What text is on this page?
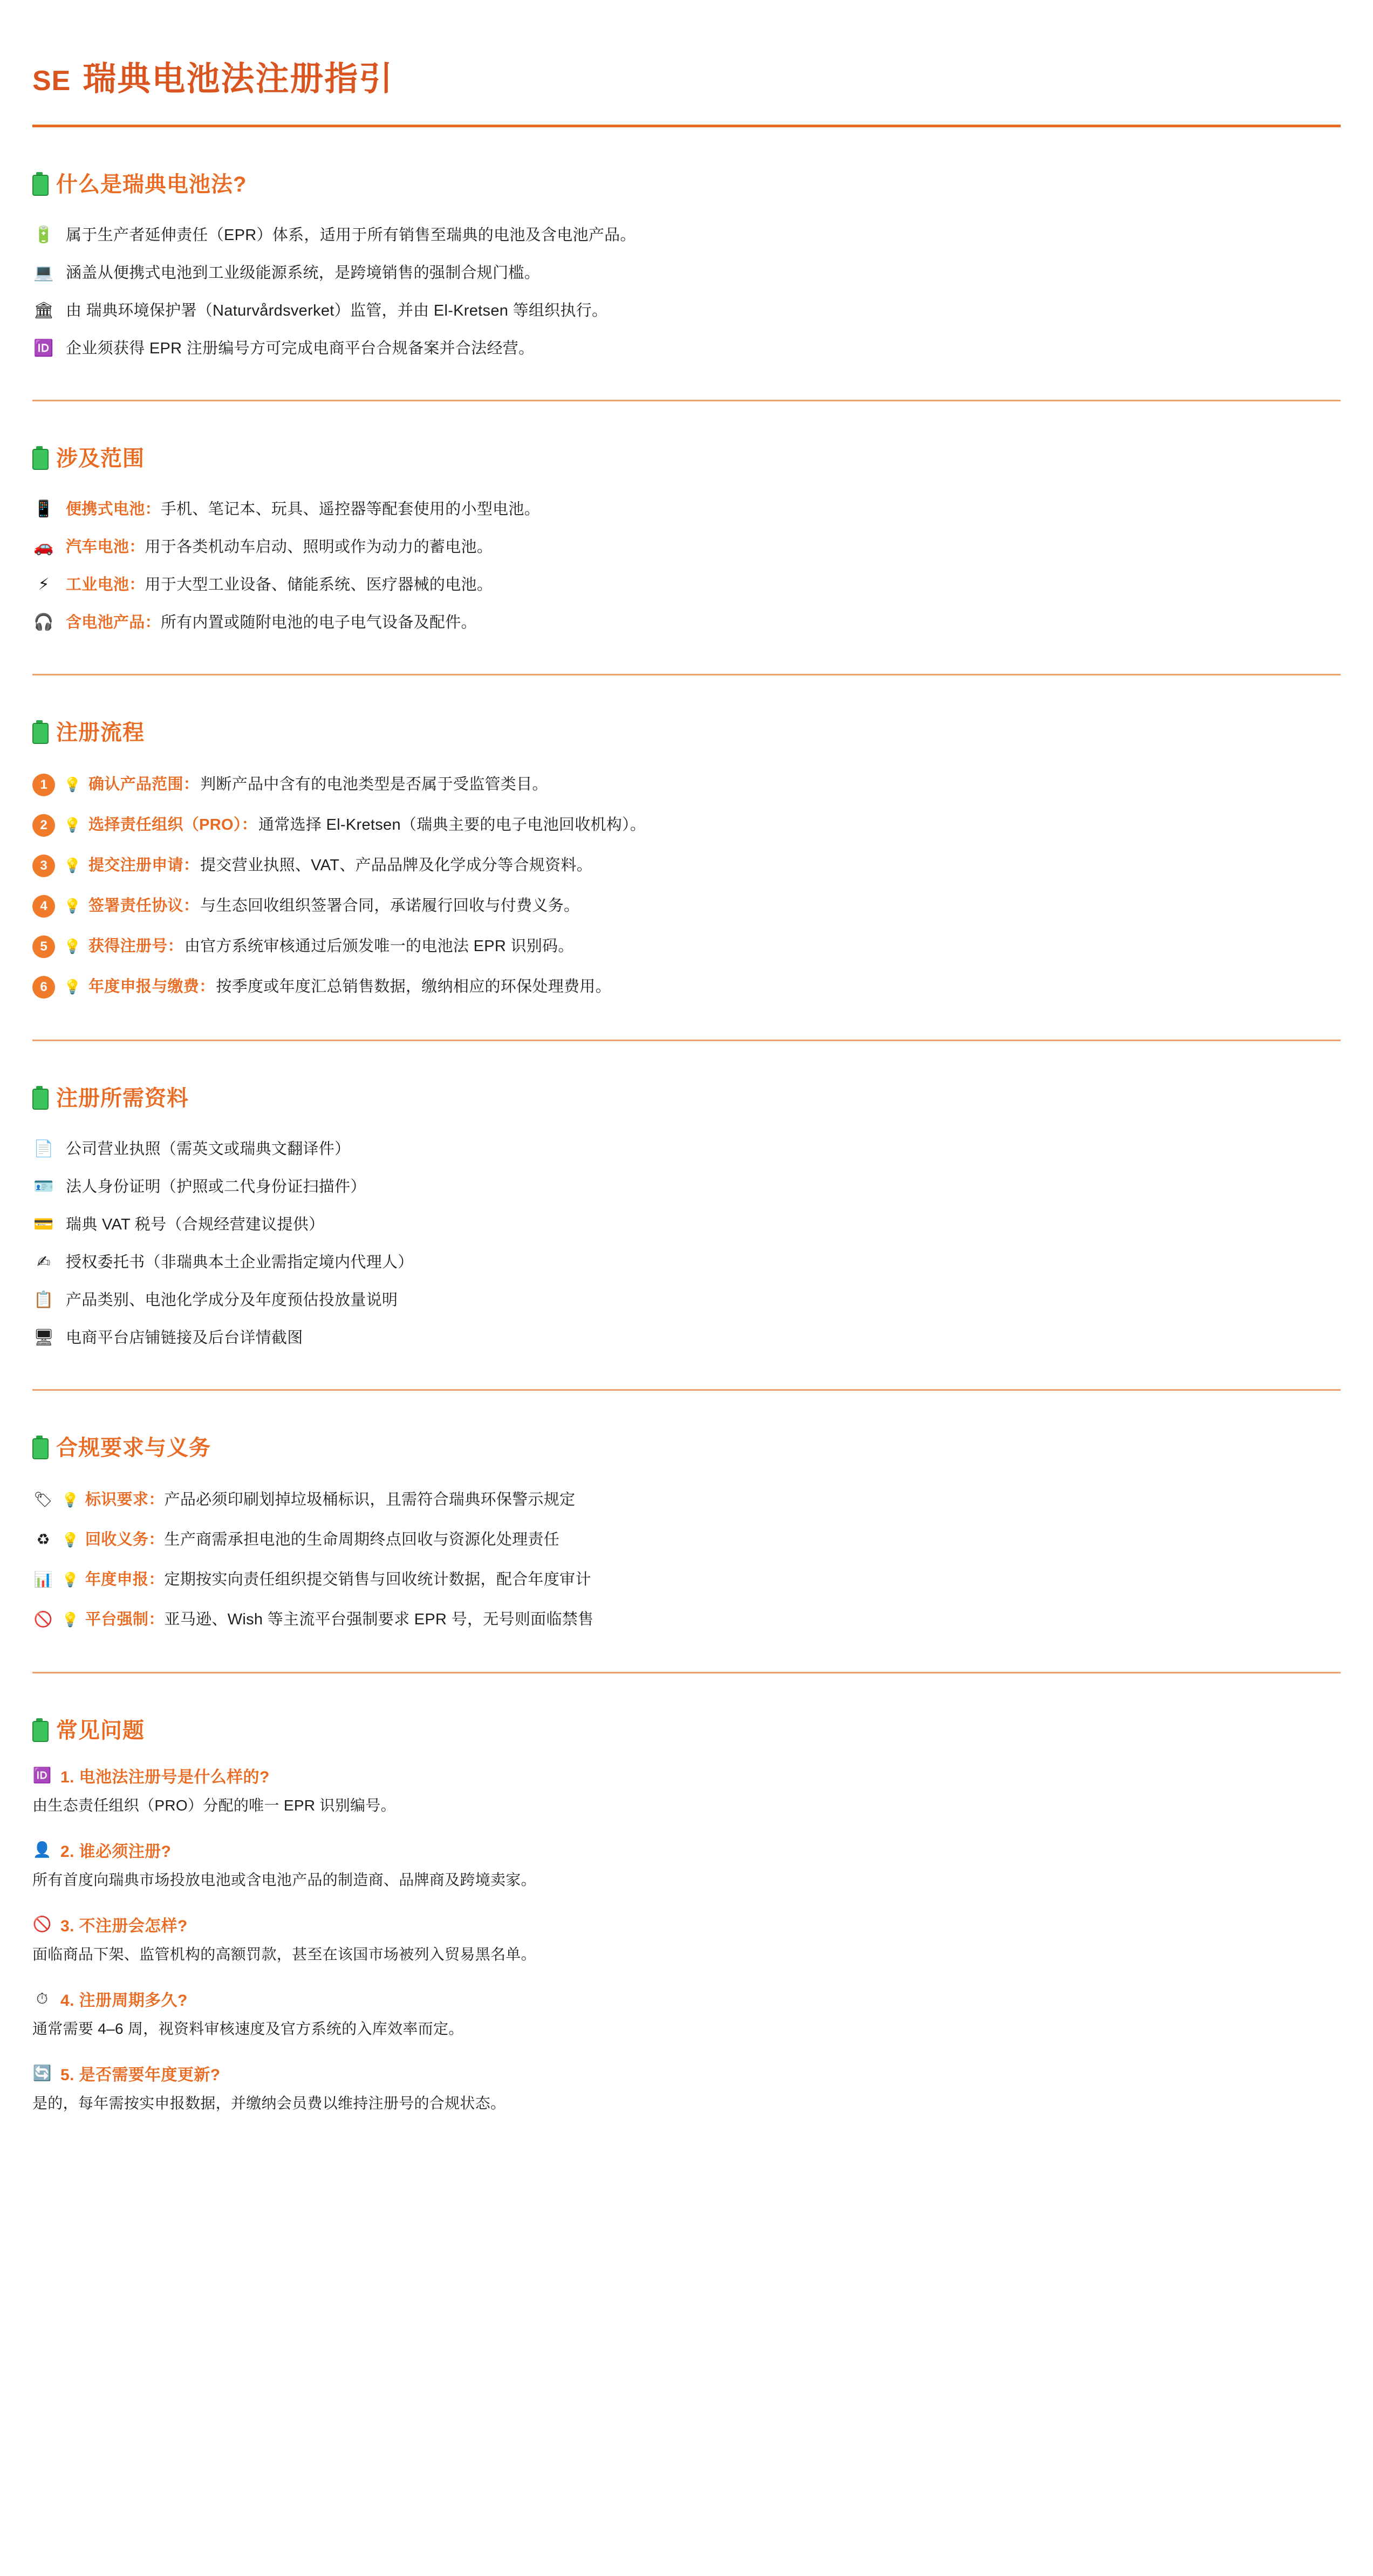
SE 瑞典电池法注册指引
什么是瑞典电池法?
🔋 属于生产者延伸责任（EPR）体系，适用于所有销售至瑞典的电池及含电池产品。
💻 涵盖从便携式电池到工业级能源系统，是跨境销售的强制合规门槛。
🏛 由 瑞典环境保护署（Naturvårdsverket）监管，并由 El-Kretsen 等组织执行。
🆔 企业须获得 EPR 注册编号方可完成电商平台合规备案并合法经营。
涉及范围
📱 便携式电池：手机、笔记本、玩具、遥控器等配套使用的小型电池。
🚗 汽车电池：用于各类机动车启动、照明或作为动力的蓄电池。
⚡	工业电池：用于大型工业设备、储能系统、医疗器械的电池。
🎧 含电池产品：所有内置或随附电池的电子电气设备及配件。
注册流程
1	💡 确认产品范围：判断产品中含有的电池类型是否属于受监管类目。
2	💡 选择责任组织（PRO）：通常选择 El-Kretsen（瑞典主要的电子电池回收机构）。
3	💡 提交注册申请：提交营业执照、VAT、产品品牌及化学成分等合规资料。
4	💡 签署责任协议：与生态回收组织签署合同，承诺履行回收与付费义务。
5	💡 获得注册号：由官方系统审核通过后颁发唯一的电池法 EPR 识别码。
6	💡 年度申报与缴费：按季度或年度汇总销售数据，缴纳相应的环保处理费用。
注册所需资料
📄 公司营业执照（需英文或瑞典文翻译件）
🪪 法人身份证明（护照或二代身份证扫描件）
💳 瑞典 VAT 税号（合规经营建议提供）
✍ 授权委托书（非瑞典本土企业需指定境内代理人）
📋 产品类别、电池化学成分及年度预估投放量说明
🖥 电商平台店铺链接及后台详情截图
合规要求与义务
🏷 💡 标识要求：产品必须印刷划掉垃圾桶标识，且需符合瑞典环保警示规定
♻ 💡 回收义务：生产商需承担电池的生命周期终点回收与资源化处理责任
📊 💡 年度申报：定期按实向责任组织提交销售与回收统计数据，配合年度审计
🚫 💡 平台强制：亚马逊、Wish 等主流平台强制要求 EPR 号，无号则面临禁售
常见问题
🆔 1. 电池法注册号是什么样的?
由生态责任组织（PRO）分配的唯一 EPR 识别编号。
👤 2. 谁必须注册?
所有首度向瑞典市场投放电池或含电池产品的制造商、品牌商及跨境卖家。
🚫 3. 不注册会怎样?
面临商品下架、监管机构的高额罚款，甚至在该国市场被列入贸易黑名单。
⏱ 4. 注册周期多久?
通常需要 4–6 周，视资料审核速度及官方系统的入库效率而定。
🔄 5. 是否需要年度更新?
是的，每年需按实申报数据，并缴纳会员费以维持注册号的合规状态。
